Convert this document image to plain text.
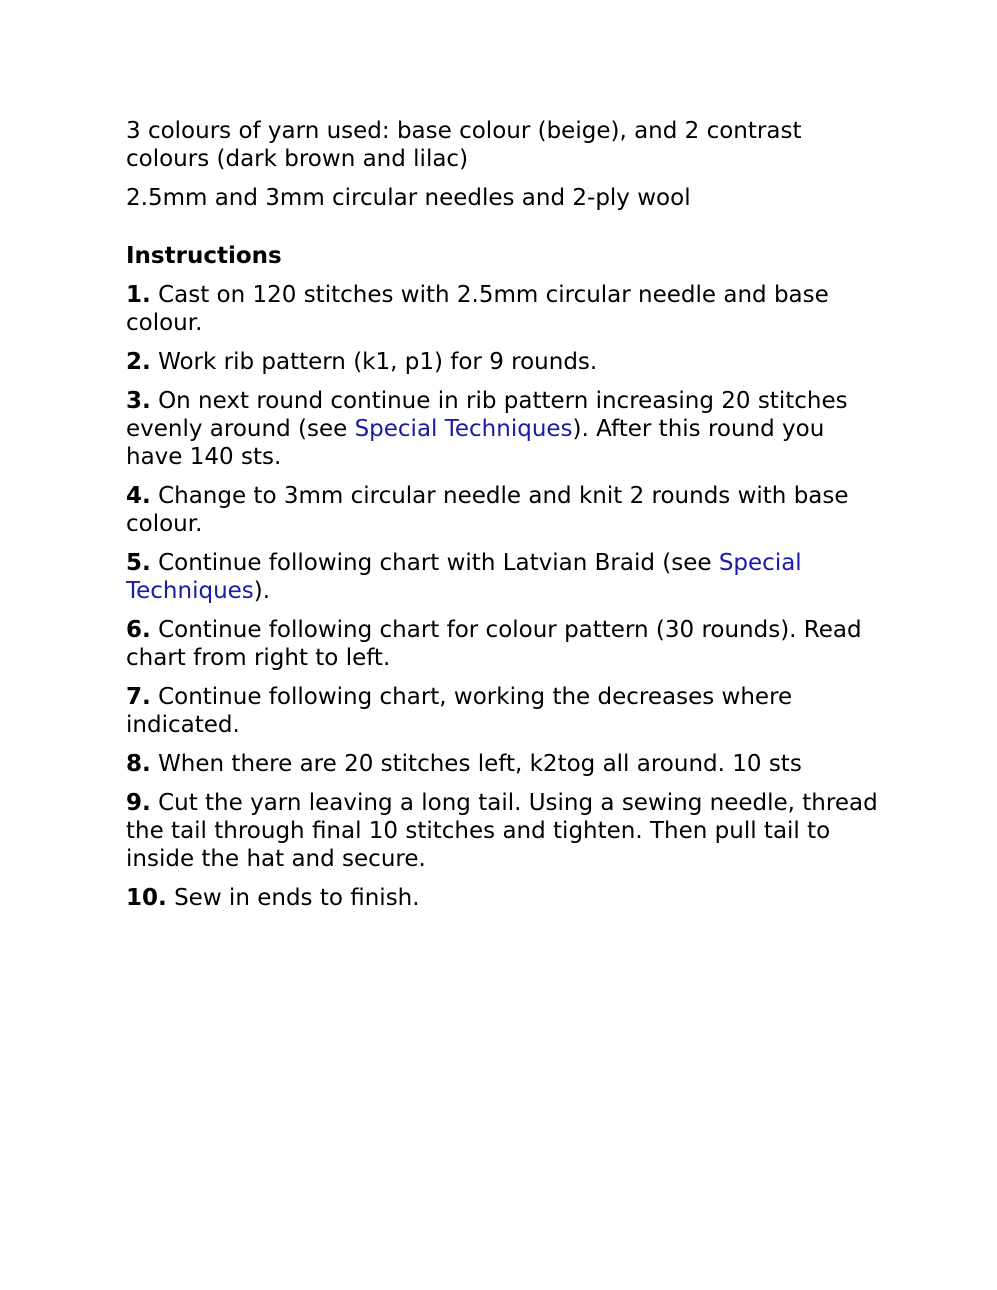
3 colours of yarn used: base colour (beige), and 2 contrast colours (dark brown and lilac)

2.5mm and 3mm circular needles and 2-ply wool

Instructions

1. Cast on 120 stitches with 2.5mm circular needle and base colour.

2. Work rib pattern (k1, p1) for 9 rounds.

3. On next round continue in rib pattern increasing 20 stitches evenly around (see Special Techniques). After this round you have 140 sts.

4. Change to 3mm circular needle and knit 2 rounds with base colour.

5. Continue following chart with Latvian Braid (see Special Techniques).

6. Continue following chart for colour pattern (30 rounds). Read chart from right to left.

7. Continue following chart, working the decreases where indicated.

8. When there are 20 stitches left, k2tog all around. 10 sts

9. Cut the yarn leaving a long tail. Using a sewing needle, thread the tail through final 10 stitches and tighten. Then pull tail to inside the hat and secure.

10. Sew in ends to finish.
